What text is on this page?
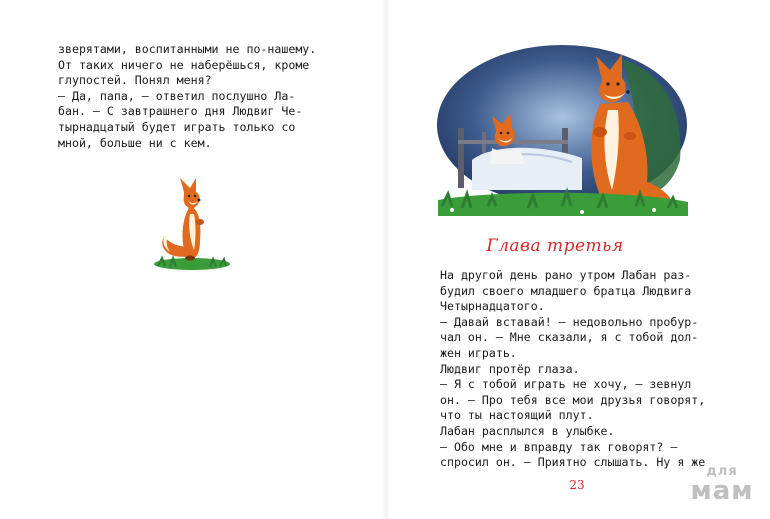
зверятами, воспитанными не по-нашему.

От таких ничего не наберёшься, кроме

глупостей. Понял меня?

– Да, папа, – ответил послушно Ла-

бан. – С завтрашнего дня Людвиг Че-

тырнадцатый будет играть только со

мной, больше ни с кем.

Глава третья

На другой день рано утром Лабан раз-

будил своего младшего братца Людвига

Четырнадцатого.

– Давай вставай! – недовольно пробур-

чал он. – Мне сказали, я с тобой дол-

жен играть.

Людвиг протёр глаза.

– Я с тобой играть не хочу, – зевнул

он. – Про тебя все мои друзья говорят,

что ты настоящий плут.

Лабан расплылся в улыбке.

– Обо мне и вправду так говорят? –

спросил он. – Приятно слышать. Ну я же

23
для
мам
